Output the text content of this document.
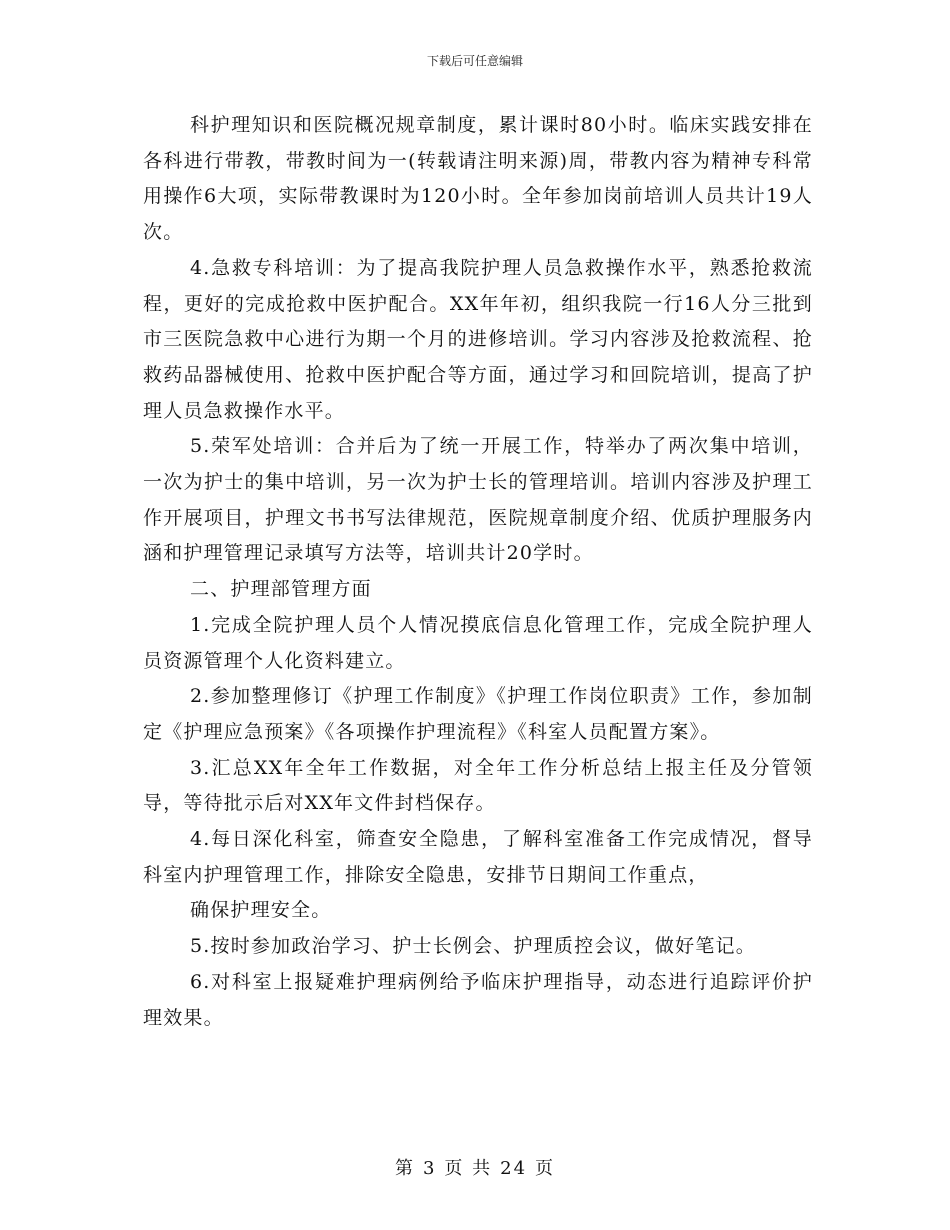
下载后可任意编辑

科护理知识和医院概况规章制度，累计课时80小时。临床实践安排在各科进行带教，带教时间为一(转载请注明来源)周，带教内容为精神专科常用操作6大项，实际带教课时为120小时。全年参加岗前培训人员共计19人次。

4.急救专科培训：为了提高我院护理人员急救操作水平，熟悉抢救流程，更好的完成抢救中医护配合。XX年年初，组织我院一行16人分三批到市三医院急救中心进行为期一个月的进修培训。学习内容涉及抢救流程、抢救药品器械使用、抢救中医护配合等方面，通过学习和回院培训，提高了护理人员急救操作水平。

5.荣军处培训：合并后为了统一开展工作，特举办了两次集中培训，一次为护士的集中培训，另一次为护士长的管理培训。培训内容涉及护理工作开展项目，护理文书书写法律规范，医院规章制度介绍、优质护理服务内涵和护理管理记录填写方法等，培训共计20学时。

二、护理部管理方面

1.完成全院护理人员个人情况摸底信息化管理工作，完成全院护理人员资源管理个人化资料建立。

2.参加整理修订《护理工作制度》《护理工作岗位职责》工作，参加制定《护理应急预案》《各项操作护理流程》《科室人员配置方案》。

3.汇总XX年全年工作数据，对全年工作分析总结上报主任及分管领导，等待批示后对XX年文件封档保存。

4.每日深化科室，筛查安全隐患，了解科室准备工作完成情况，督导科室内护理管理工作，排除安全隐患，安排节日期间工作重点，

确保护理安全。

5.按时参加政治学习、护士长例会、护理质控会议，做好笔记。

6.对科室上报疑难护理病例给予临床护理指导，动态进行追踪评价护理效果。

第 3 页 共 24 页
